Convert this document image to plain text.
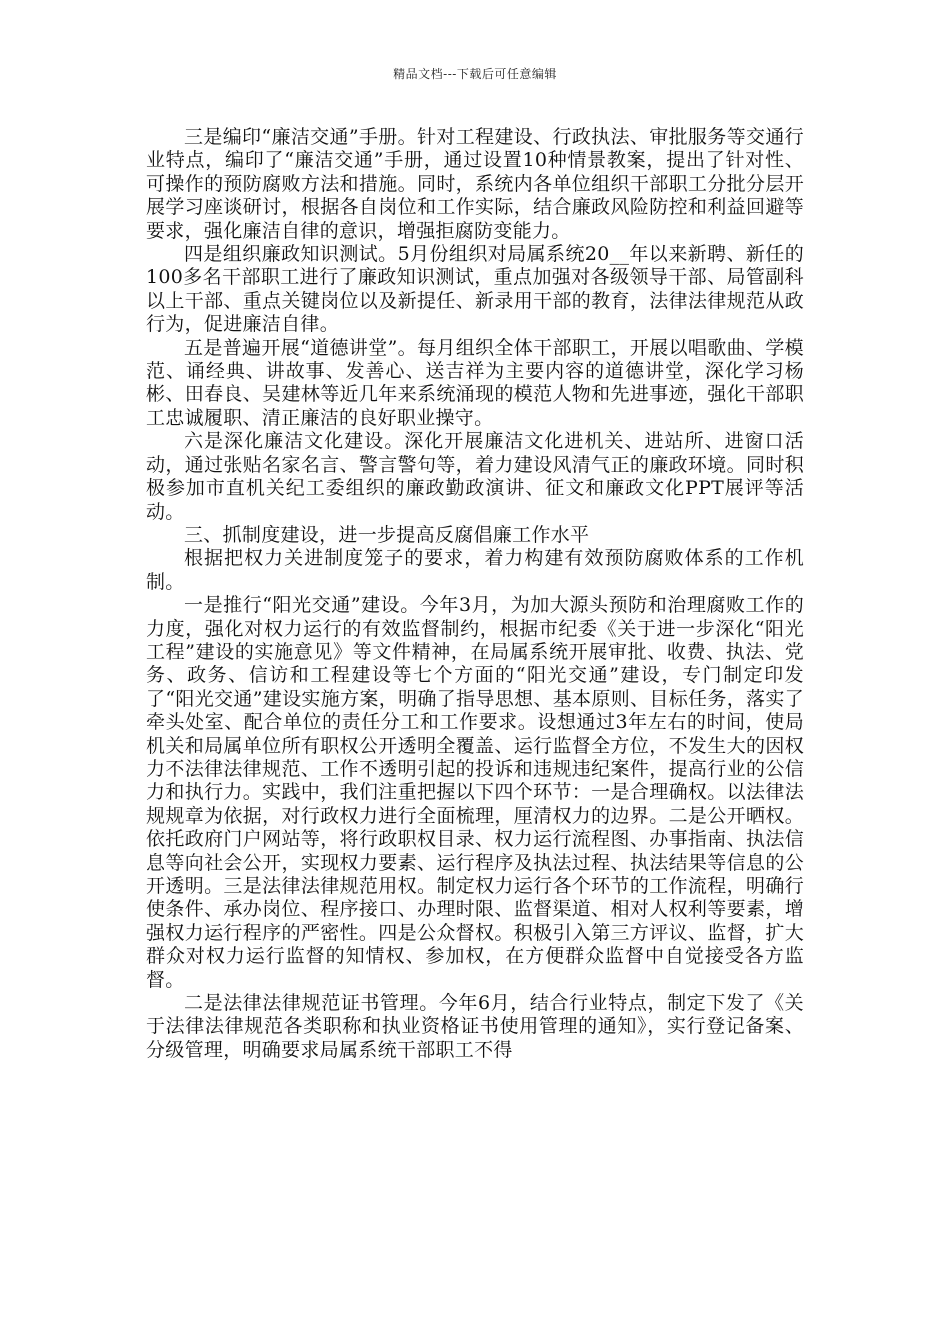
精品文档---下载后可任意编辑

三是编印“廉洁交通”手册。针对工程建设、行政执法、审批服务等交通行业特点，编印了“廉洁交通”手册，通过设置10种情景教案，提出了针对性、可操作的预防腐败方法和措施。同时，系统内各单位组织干部职工分批分层开展学习座谈研讨，根据各自岗位和工作实际，结合廉政风险防控和利益回避等要求，强化廉洁自律的意识，增强拒腐防变能力。

四是组织廉政知识测试。5月份组织对局属系统20__年以来新聘、新任的100多名干部职工进行了廉政知识测试，重点加强对各级领导干部、局管副科以上干部、重点关键岗位以及新提任、新录用干部的教育，法律法律规范从政行为，促进廉洁自律。

五是普遍开展“道德讲堂”。每月组织全体干部职工，开展以唱歌曲、学模范、诵经典、讲故事、发善心、送吉祥为主要内容的道德讲堂，深化学习杨彬、田春良、吴建林等近几年来系统涌现的模范人物和先进事迹，强化干部职工忠诚履职、清正廉洁的良好职业操守。

六是深化廉洁文化建设。深化开展廉洁文化进机关、进站所、进窗口活动，通过张贴名家名言、警言警句等，着力建设风清气正的廉政环境。同时积极参加市直机关纪工委组织的廉政勤政演讲、征文和廉政文化PPT展评等活动。

三、抓制度建设，进一步提高反腐倡廉工作水平

根据把权力关进制度笼子的要求，着力构建有效预防腐败体系的工作机制。

一是推行“阳光交通”建设。今年3月，为加大源头预防和治理腐败工作的力度，强化对权力运行的有效监督制约，根据市纪委《关于进一步深化“阳光工程”建设的实施意见》等文件精神，在局属系统开展审批、收费、执法、党务、政务、信访和工程建设等七个方面的“阳光交通”建设，专门制定印发了“阳光交通”建设实施方案，明确了指导思想、基本原则、目标任务，落实了牵头处室、配合单位的责任分工和工作要求。设想通过3年左右的时间，使局机关和局属单位所有职权公开透明全覆盖、运行监督全方位，不发生大的因权力不法律法律规范、工作不透明引起的投诉和违规违纪案件，提高行业的公信力和执行力。实践中，我们注重把握以下四个环节：一是合理确权。以法律法规规章为依据，对行政权力进行全面梳理，厘清权力的边界。二是公开晒权。依托政府门户网站等，将行政职权目录、权力运行流程图、办事指南、执法信息等向社会公开，实现权力要素、运行程序及执法过程、执法结果等信息的公开透明。三是法律法律规范用权。制定权力运行各个环节的工作流程，明确行使条件、承办岗位、程序接口、办理时限、监督渠道、相对人权利等要素，增强权力运行程序的严密性。四是公众督权。积极引入第三方评议、监督，扩大群众对权力运行监督的知情权、参加权，在方便群众监督中自觉接受各方监督。

二是法律法律规范证书管理。今年6月，结合行业特点，制定下发了《关于法律法律规范各类职称和执业资格证书使用管理的通知》，实行登记备案、分级管理，明确要求局属系统干部职工不得
